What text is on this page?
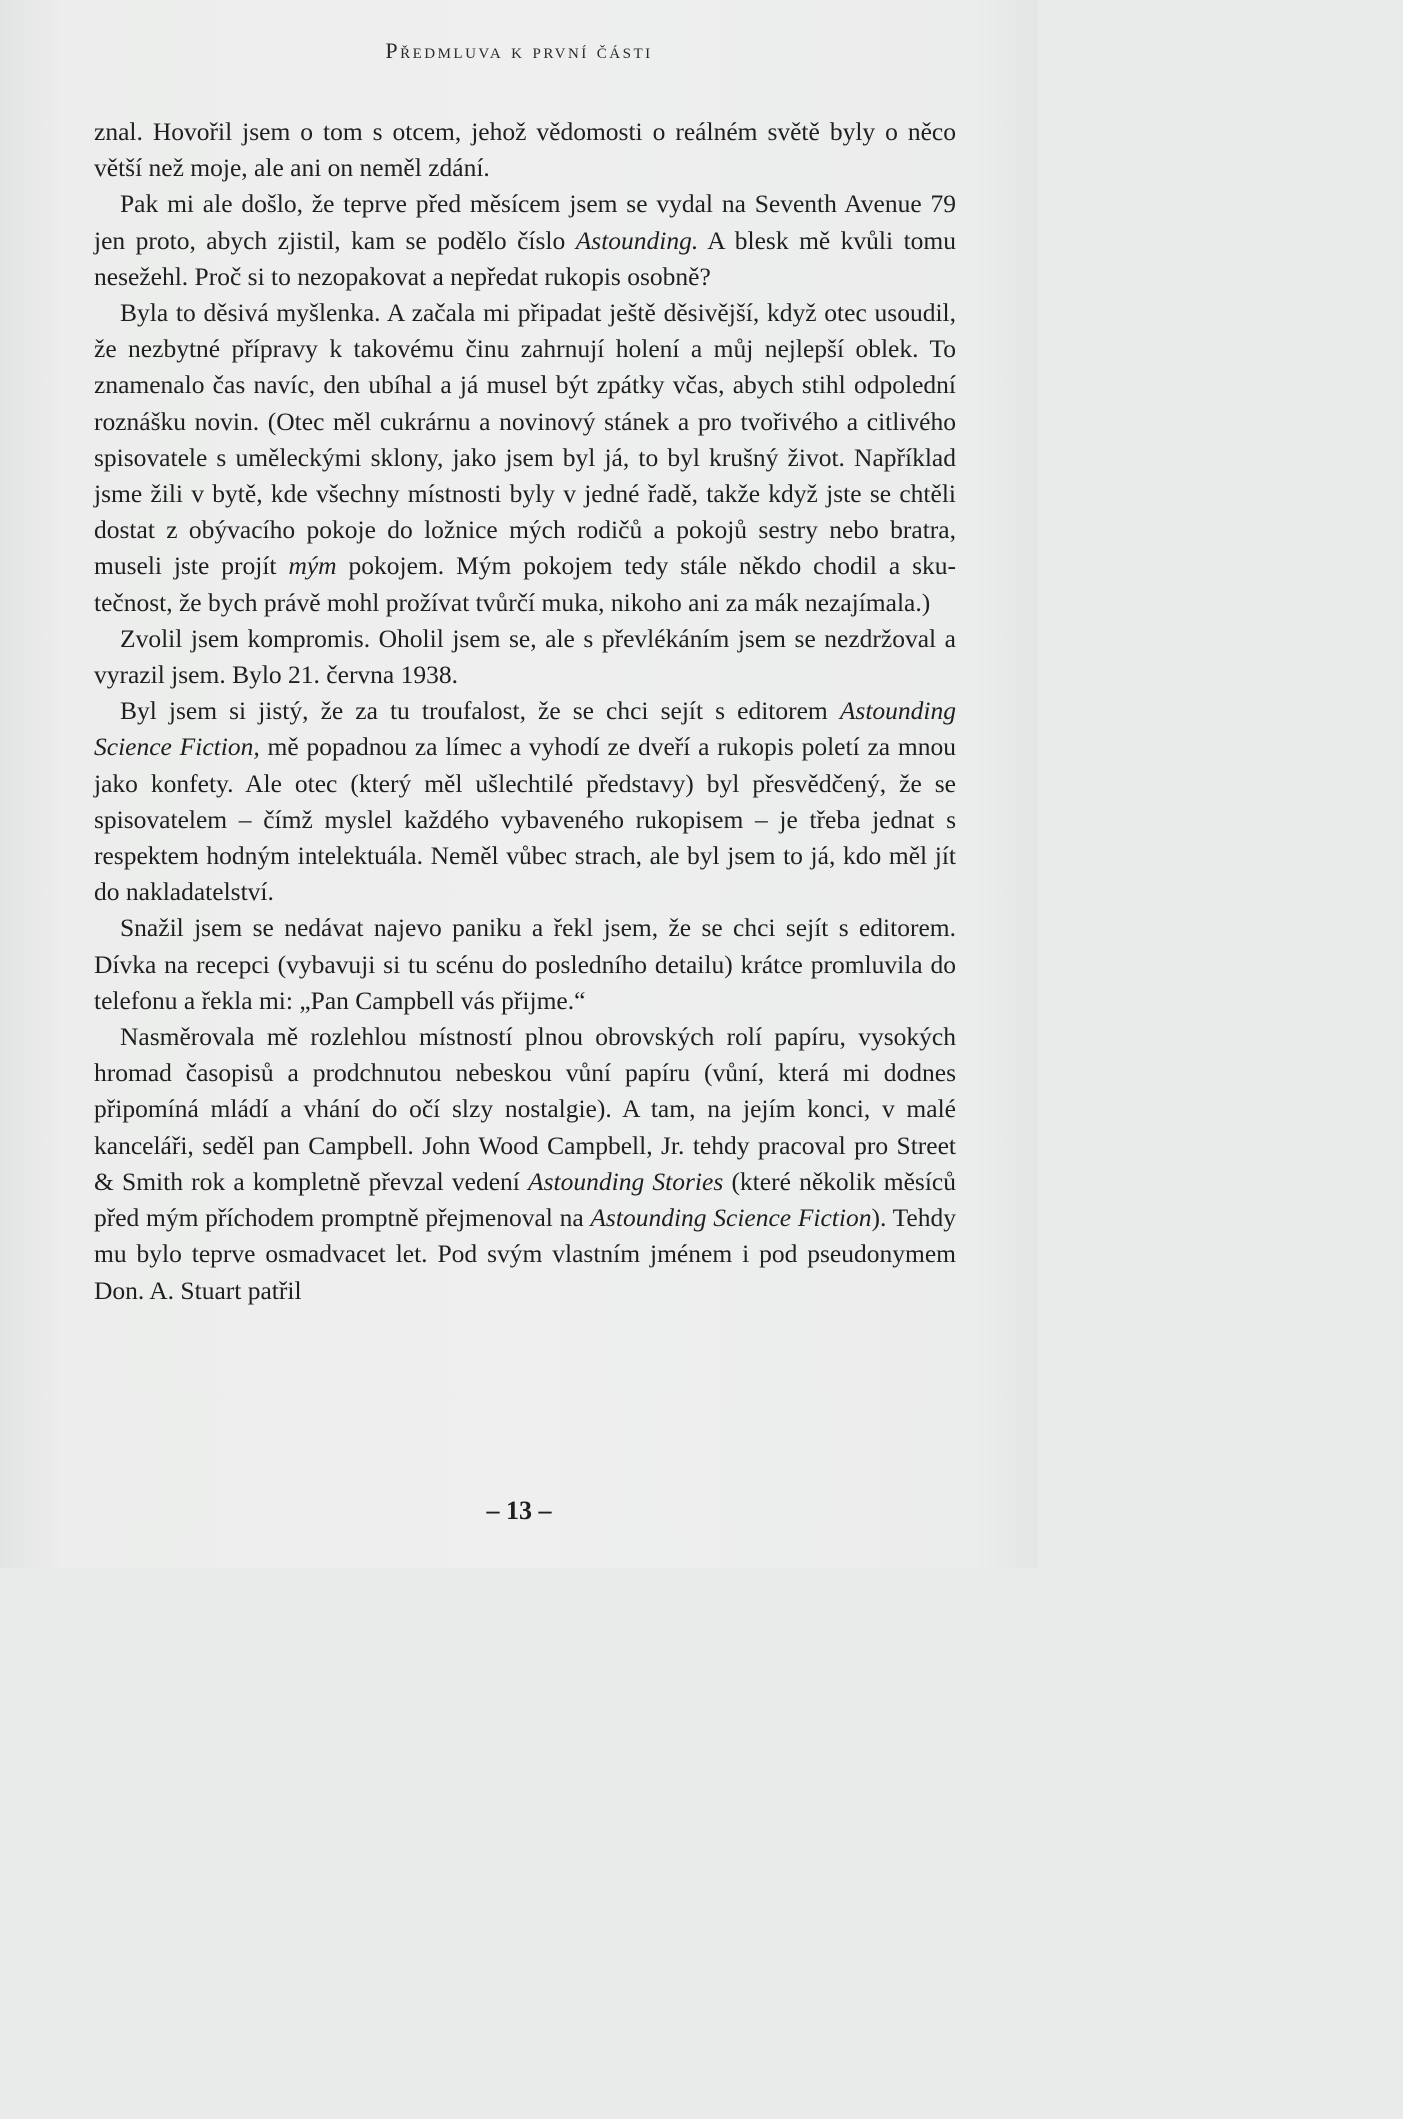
Předmluva k první části

znal. Hovořil jsem o tom s otcem, jehož vědomosti o reálném světě byly o něco větší než moje, ale ani on neměl zdání.

Pak mi ale došlo, že teprve před měsícem jsem se vydal na Seventh Avenue 79 jen proto, abych zjistil, kam se podělo číslo Astounding. A blesk mě kvůli tomu nesežehl. Proč si to nezopakovat a nepředat rukopis osobně?

Byla to děsivá myšlenka. A začala mi připadat ještě děsivější, když otec usoudil, že nezbytné přípravy k takovému činu zahrnují holení a můj nejlepší oblek. To znamenalo čas navíc, den ubíhal a já musel být zpátky včas, abych stihl odpolední roznášku novin. (Otec měl cukrárnu a novinový stánek a pro tvořivého a citlivého spisovatele s uměleckými sklony, jako jsem byl já, to byl krušný život. Například jsme žili v bytě, kde všechny místnosti byly v jedné řadě, takže když jste se chtěli dostat z obývacího pokoje do ložnice mých rodičů a pokojů sestry nebo bratra, museli jste projít mým pokojem. Mým pokojem tedy stále někdo chodil a skutečnost, že bych právě mohl prožívat tvůrčí muka, nikoho ani za mák nezajímala.)

Zvolil jsem kompromis. Oholil jsem se, ale s převlékáním jsem se nezdržoval a vyrazil jsem. Bylo 21. června 1938.

Byl jsem si jistý, že za tu troufalost, že se chci sejít s editorem Astounding Science Fiction, mě popadnou za límec a vyhodí ze dveří a rukopis poletí za mnou jako konfety. Ale otec (který měl ušlechtilé představy) byl přesvědčený, že se spisovatelem – čímž myslel každého vybaveného rukopisem – je třeba jednat s respektem hodným intelektuála. Neměl vůbec strach, ale byl jsem to já, kdo měl jít do nakladatelství.

Snažil jsem se nedávat najevo paniku a řekl jsem, že se chci sejít s editorem. Dívka na recepci (vybavuji si tu scénu do posledního detailu) krátce promluvila do telefonu a řekla mi: „Pan Campbell vás přijme.“

Nasměrovala mě rozlehlou místností plnou obrovských rolí papíru, vysokých hromad časopisů a prodchnutou nebeskou vůní papíru (vůní, která mi dodnes připomíná mládí a vhání do očí slzy nostalgie). A tam, na jejím konci, v malé kanceláři, seděl pan Campbell. John Wood Campbell, Jr. tehdy pracoval pro Street & Smith rok a kompletně převzal vedení Astounding Stories (které několik měsíců před mým příchodem promptně přejmenoval na Astounding Science Fiction). Tehdy mu bylo teprve osmadvacet let. Pod svým vlastním jménem i pod pseudonymem Don. A. Stuart patřil

– 13 –
